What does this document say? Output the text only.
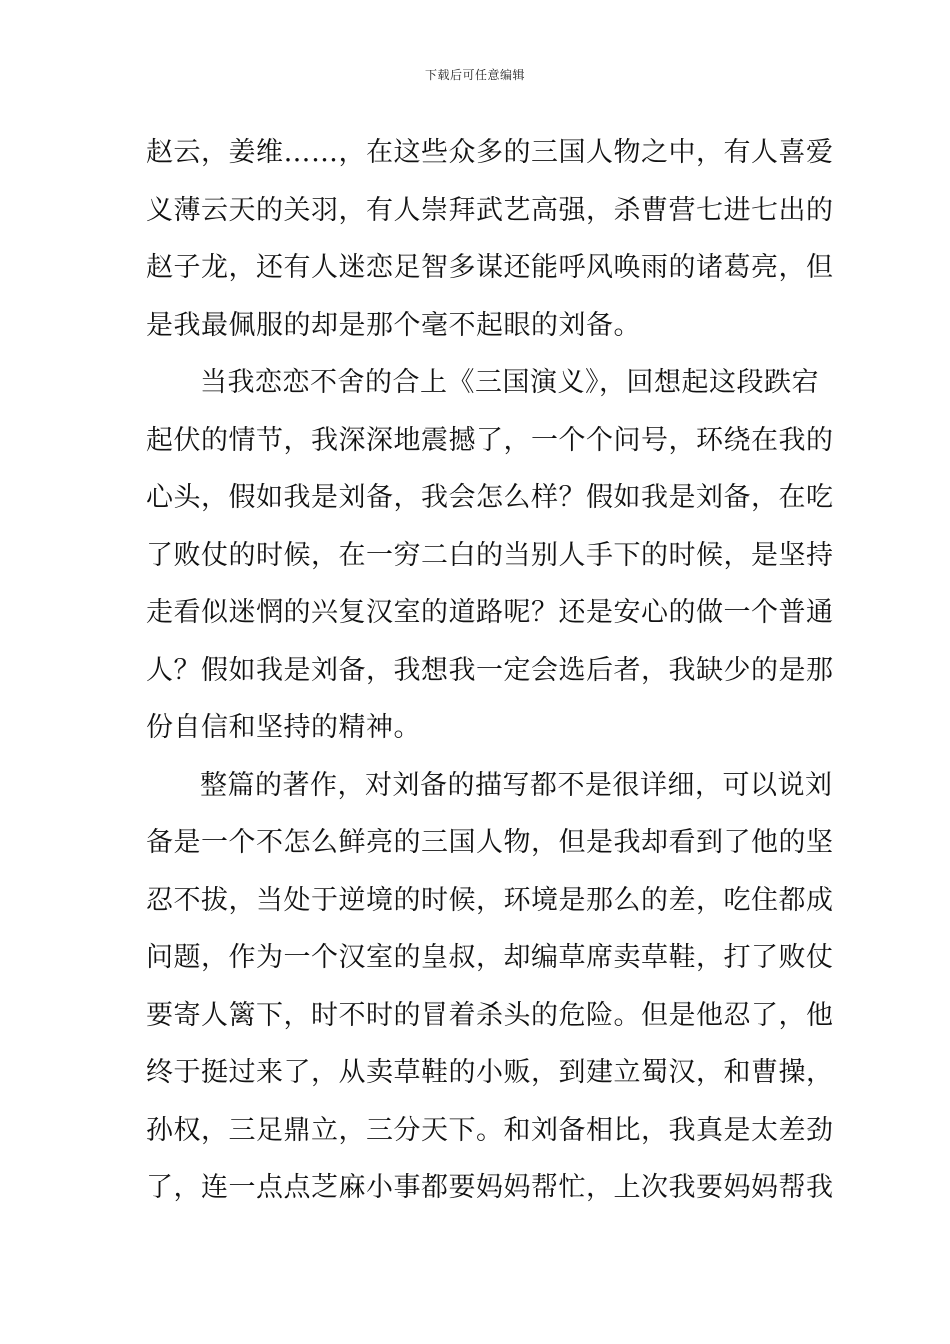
下载后可任意编辑
赵云，姜维……，在这些众多的三国人物之中，有人喜爱
义薄云天的关羽，有人崇拜武艺高强，杀曹营七进七出的
赵子龙，还有人迷恋足智多谋还能呼风唤雨的诸葛亮，但
是我最佩服的却是那个毫不起眼的刘备。
当我恋恋不舍的合上《三国演义》，回想起这段跌宕
起伏的情节，我深深地震撼了，一个个问号，环绕在我的
心头，假如我是刘备，我会怎么样？假如我是刘备，在吃
了败仗的时候，在一穷二白的当别人手下的时候，是坚持
走看似迷惘的兴复汉室的道路呢？还是安心的做一个普通
人？假如我是刘备，我想我一定会选后者，我缺少的是那
份自信和坚持的精神。
整篇的著作，对刘备的描写都不是很详细，可以说刘
备是一个不怎么鲜亮的三国人物，但是我却看到了他的坚
忍不拔，当处于逆境的时候，环境是那么的差，吃住都成
问题，作为一个汉室的皇叔，却编草席卖草鞋，打了败仗
要寄人篱下，时不时的冒着杀头的危险。但是他忍了，他
终于挺过来了，从卖草鞋的小贩，到建立蜀汉，和曹操，
孙权，三足鼎立，三分天下。和刘备相比，我真是太差劲
了，连一点点芝麻小事都要妈妈帮忙，上次我要妈妈帮我
